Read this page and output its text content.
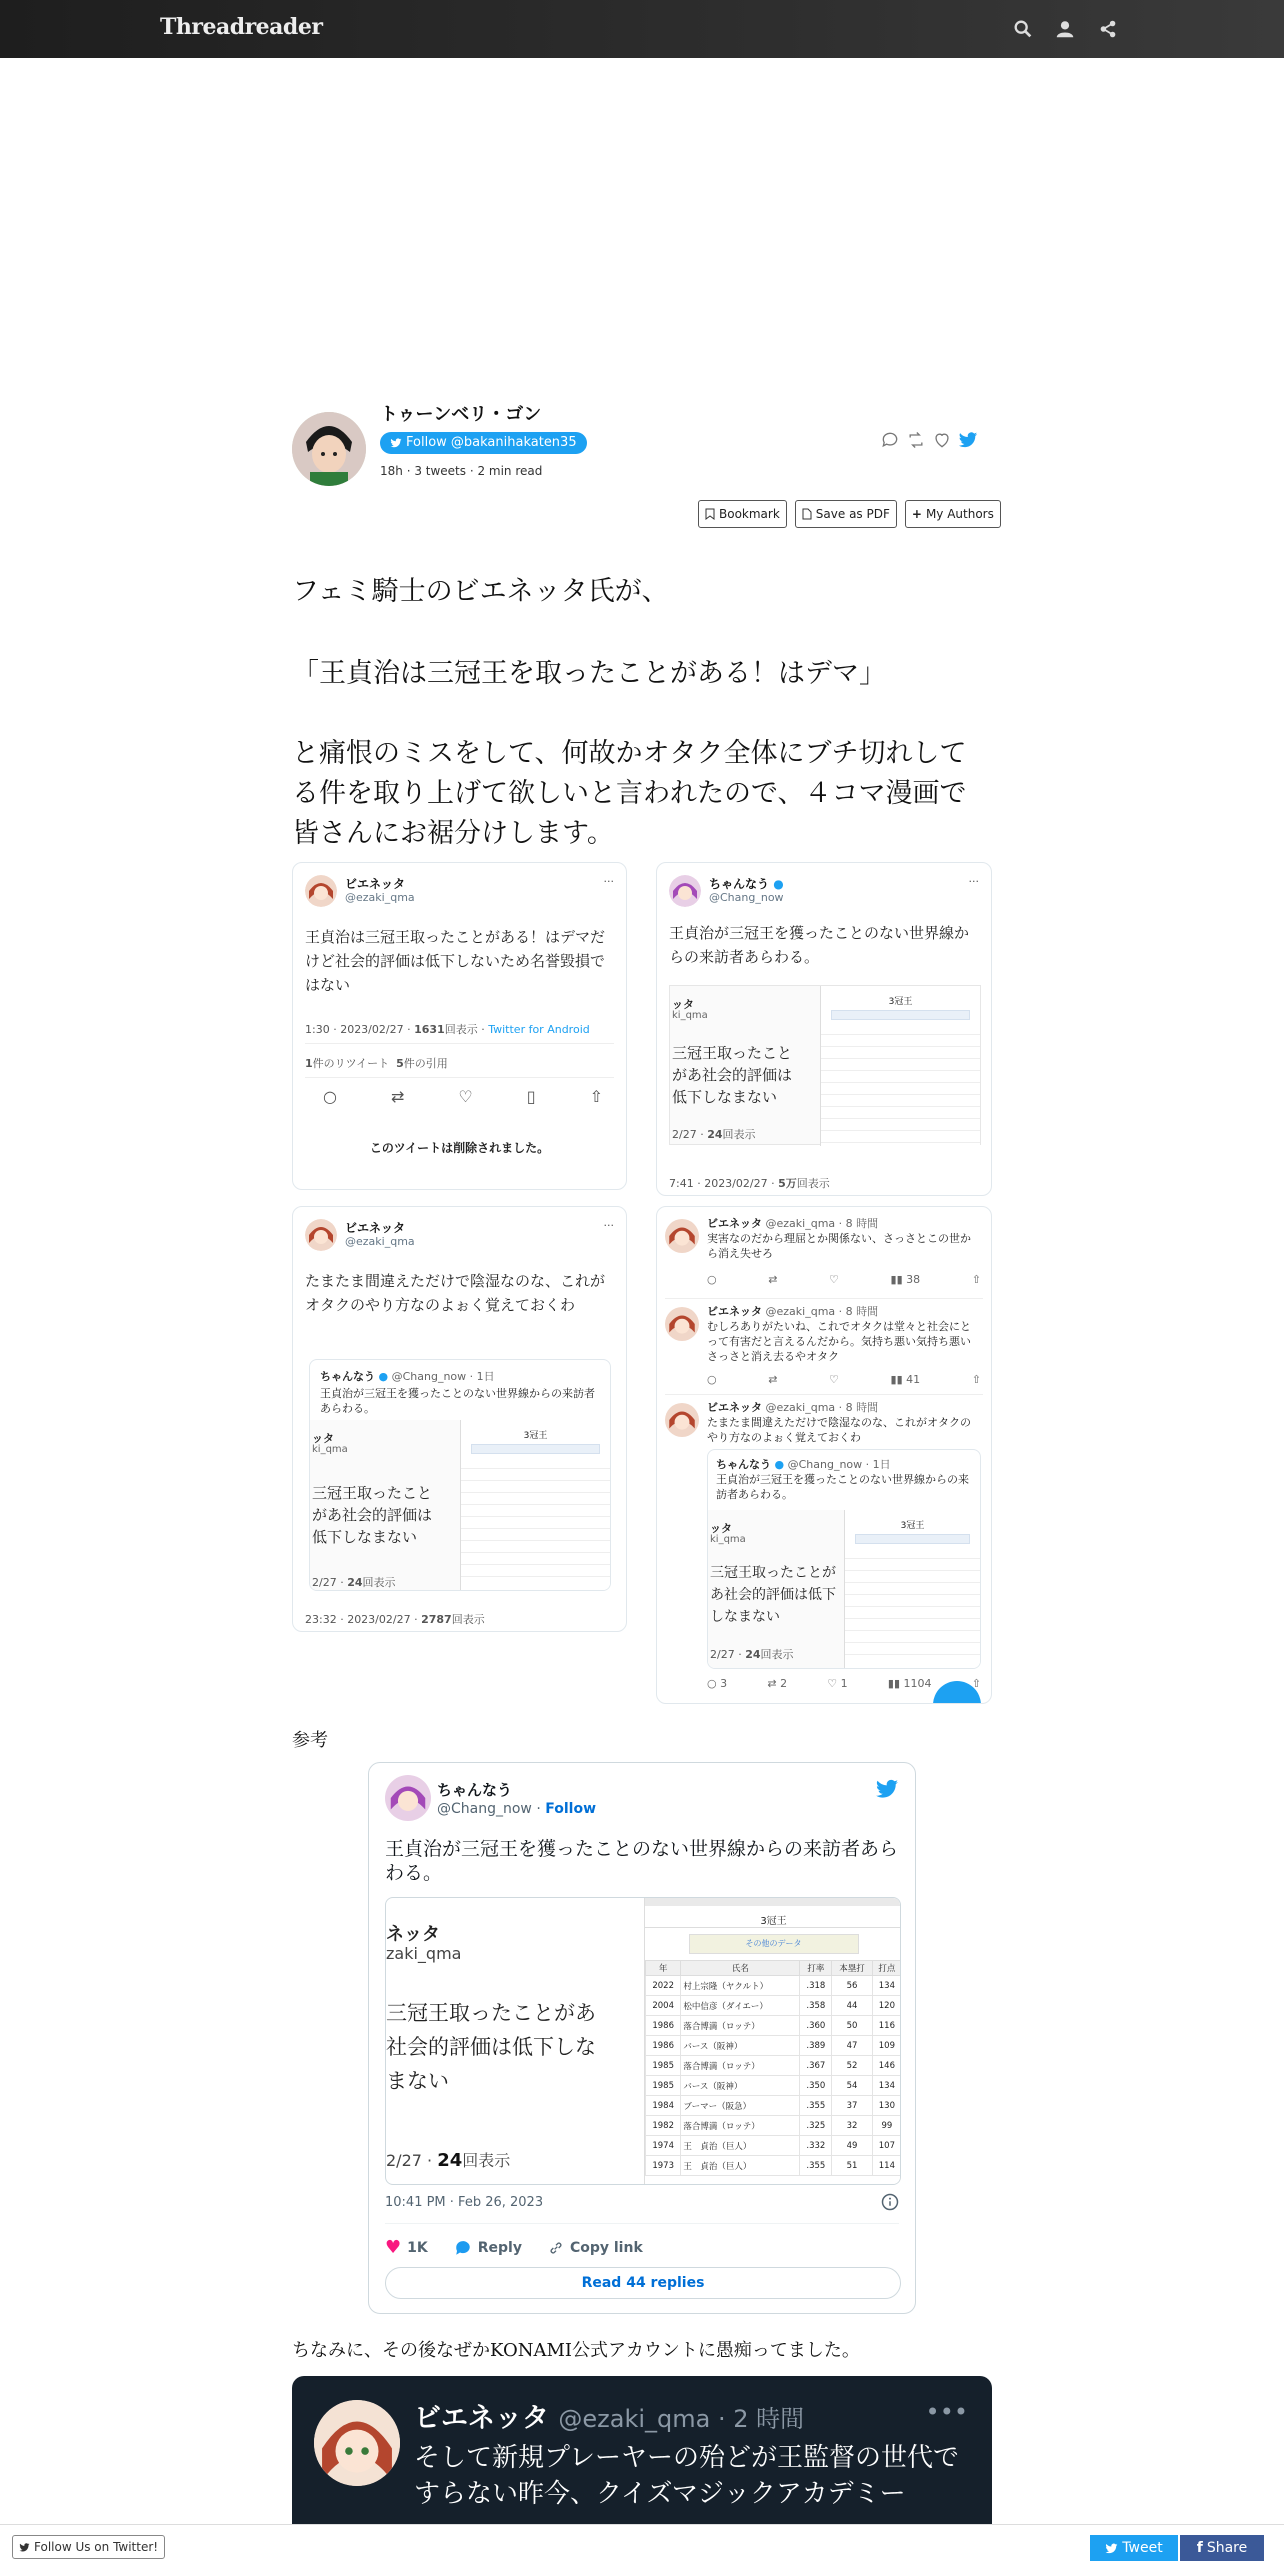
Threadreader
トゥーンベリ・ゴン
Follow @bakanihakaten35
18h · 3 tweets · 2 min read
Bookmark	Save as PDF + My Authors
フェミ騎士のビエネッタ氏が、
「王貞治は三冠王を取ったことがある！はデマ」
と痛恨のミスをして、何故かオタク全体にブチ切れしてる件を取り上げて欲しいと言われたので、４コマ漫画で皆さんにお裾分けします。
ビエネッタ
@ezaki_qma
···
王貞治は三冠王取ったことがある！はデマだけど社会的評価は低下しないため名誉毀損ではない
1:30 · 2023/02/27 · 1631回表示 · Twitter for Android
1件のリツイート 5件の引用
○	⇄	♡	▯	⇧
このツイートは削除されました。
ちゃんなう ●
@Chang_now
···
王貞治が三冠王を獲ったことのない世界線からの来訪者あらわる。
ッタ
ki_qma
三冠王取ったことがあ社会的評価は低下しなまない
2/27 · 24回表示
3冠王
7:41 · 2023/02/27 · 5万回表示
ビエネッタ
@ezaki_qma
···
たまたま間違えただけで陰湿なのな、これがオタクのやり方なのよぉく覚えておくわ
ちゃんなう ● @Chang_now · 1日
王貞治が三冠王を獲ったことのない世界線からの来訪者あらわる。
ッタ
ki_qma
三冠王取ったことがあ社会的評価は低下しなまない
2/27 · 24回表示
3冠王
23:32 · 2023/02/27 · 2787回表示
ビエネッタ @ezaki_qma · 8 時間
実害なのだから理屈とか関係ない、さっさとこの世から消え失せろ
○	⇄	♡	▮▮ 38	⇧
ビエネッタ @ezaki_qma · 8 時間
むしろありがたいね、これでオタクは堂々と社会にとって有害だと言えるんだから。気持ち悪い気持ち悪いさっさと消え去るやオタク
○	⇄	♡	▮▮ 41	⇧
ビエネッタ @ezaki_qma · 8 時間
たまたま間違えただけで陰湿なのな、これがオタクのやり方なのよぉく覚えておくわ
ちゃんなう ● @Chang_now · 1日
王貞治が三冠王を獲ったことのない世界線からの来訪者あらわる。
ッタ
ki_qma
三冠王取ったことがあ社会的評価は低下しなまない
2/27 · 24回表示
3冠王
○ 3	⇄ 2	♡ 1	▮▮ 1104	⇧
参考
ちゃんなう
@Chang_now · Follow
王貞治が三冠王を獲ったことのない世界線からの来訪者あらわる。
ネッタ
zaki_qma
三冠王取ったことがあ
社会的評価は低下しな
まない
2/27 · 24回表示
3冠王
その他のデータ
年	氏名	打率	本塁打	打点
2022	村上宗隆（ヤクルト）	.318	56	134
2004	松中信彦（ダイエー）	.358	44	120
1986	落合博満（ロッテ）	.360	50	116
1986	バース（阪神）	.389	47	109
1985	落合博満（ロッテ）	.367	52	146
1985	バース（阪神）	.350	54	134
1984	ブーマー（阪急）	.355	37	130
1982	落合博満（ロッテ）	.325	32	99
1974	王　貞治（巨人）	.332	49	107
1973	王　貞治（巨人）	.355	51	114
10:41 PM · Feb 26, 2023
♥ 1K	Reply	Copy link
Read 44 replies
ちなみに、その後なぜかKONAMI公式アカウントに愚痴ってました。
ビエネッタ @ezaki_qma · 2 時間	•••
そして新規プレーヤーの殆どが王監督の世代ですらない昨今、クイズマジックアカデミー
Follow Us on Twitter!	Tweet f Share
